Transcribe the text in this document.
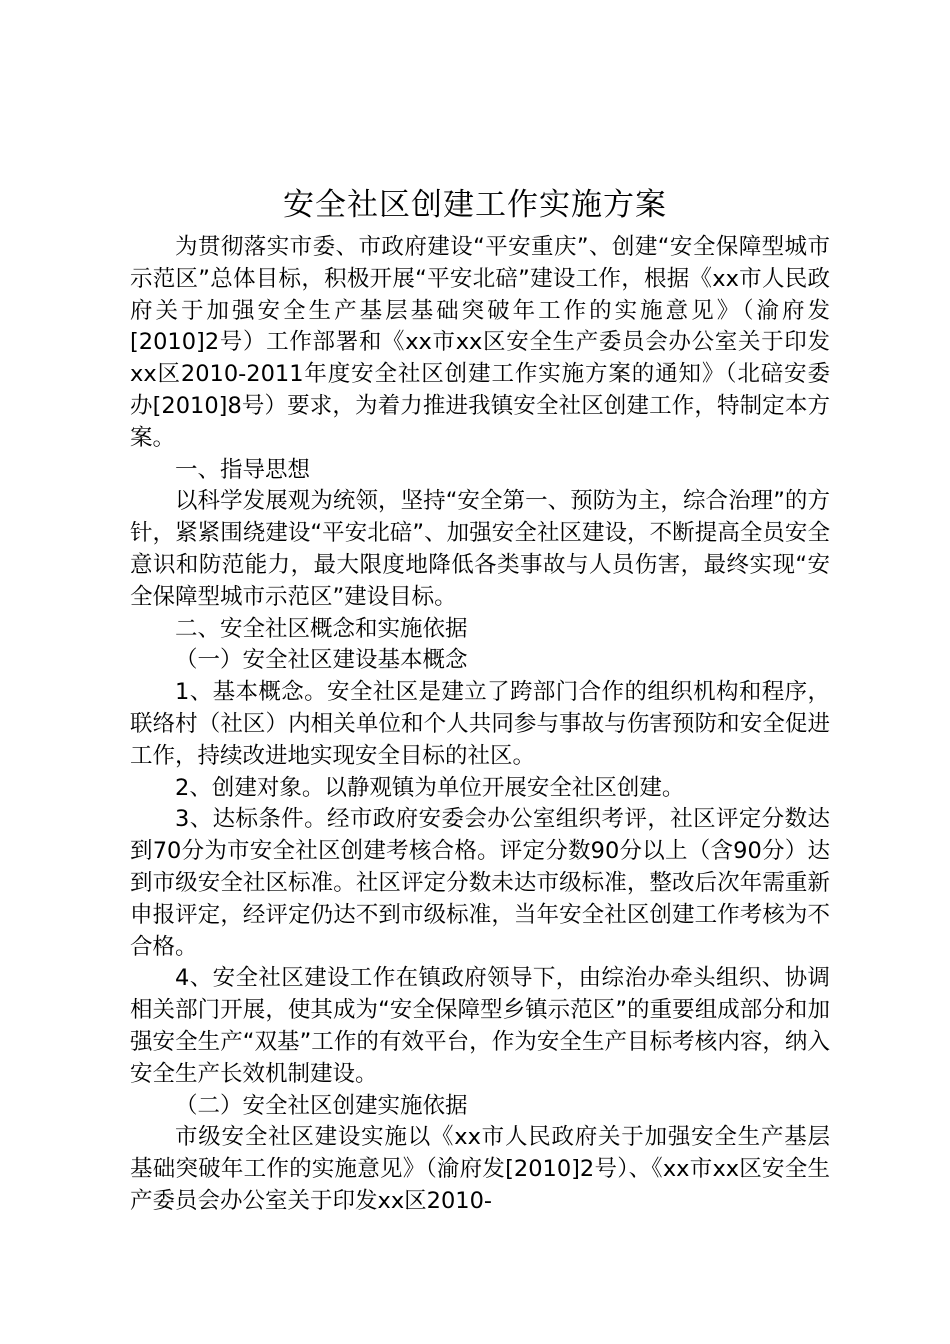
安全社区创建工作实施方案

为贯彻落实市委、市政府建设“平安重庆”、创建“安全保障型城市示范区”总体目标，积极开展“平安北碚”建设工作，根据《xx市人民政府关于加强安全生产基层基础突破年工作的实施意见》（渝府发[2010]2号）工作部署和《xx市xx区安全生产委员会办公室关于印发xx区2010-2011年度安全社区创建工作实施方案的通知》（北碚安委办[2010]8号）要求，为着力推进我镇安全社区创建工作，特制定本方案。

一、指导思想

以科学发展观为统领，坚持“安全第一、预防为主，综合治理”的方针，紧紧围绕建设“平安北碚”、加强安全社区建设，不断提高全员安全意识和防范能力，最大限度地降低各类事故与人员伤害，最终实现“安全保障型城市示范区”建设目标。

二、安全社区概念和实施依据

（一）安全社区建设基本概念

1、基本概念。安全社区是建立了跨部门合作的组织机构和程序，联络村（社区）内相关单位和个人共同参与事故与伤害预防和安全促进工作，持续改进地实现安全目标的社区。

2、创建对象。以静观镇为单位开展安全社区创建。

3、达标条件。经市政府安委会办公室组织考评，社区评定分数达到70分为市安全社区创建考核合格。评定分数90分以上（含90分）达到市级安全社区标准。社区评定分数未达市级标准，整改后次年需重新申报评定，经评定仍达不到市级标准，当年安全社区创建工作考核为不合格。

4、安全社区建设工作在镇政府领导下，由综治办牵头组织、协调相关部门开展，使其成为“安全保障型乡镇示范区”的重要组成部分和加强安全生产“双基”工作的有效平台，作为安全生产目标考核内容，纳入安全生产长效机制建设。

（二）安全社区创建实施依据

市级安全社区建设实施以《xx市人民政府关于加强安全生产基层基础突破年工作的实施意见》（渝府发[2010]2号）、《xx市xx区安全生产委员会办公室关于印发xx区2010-
